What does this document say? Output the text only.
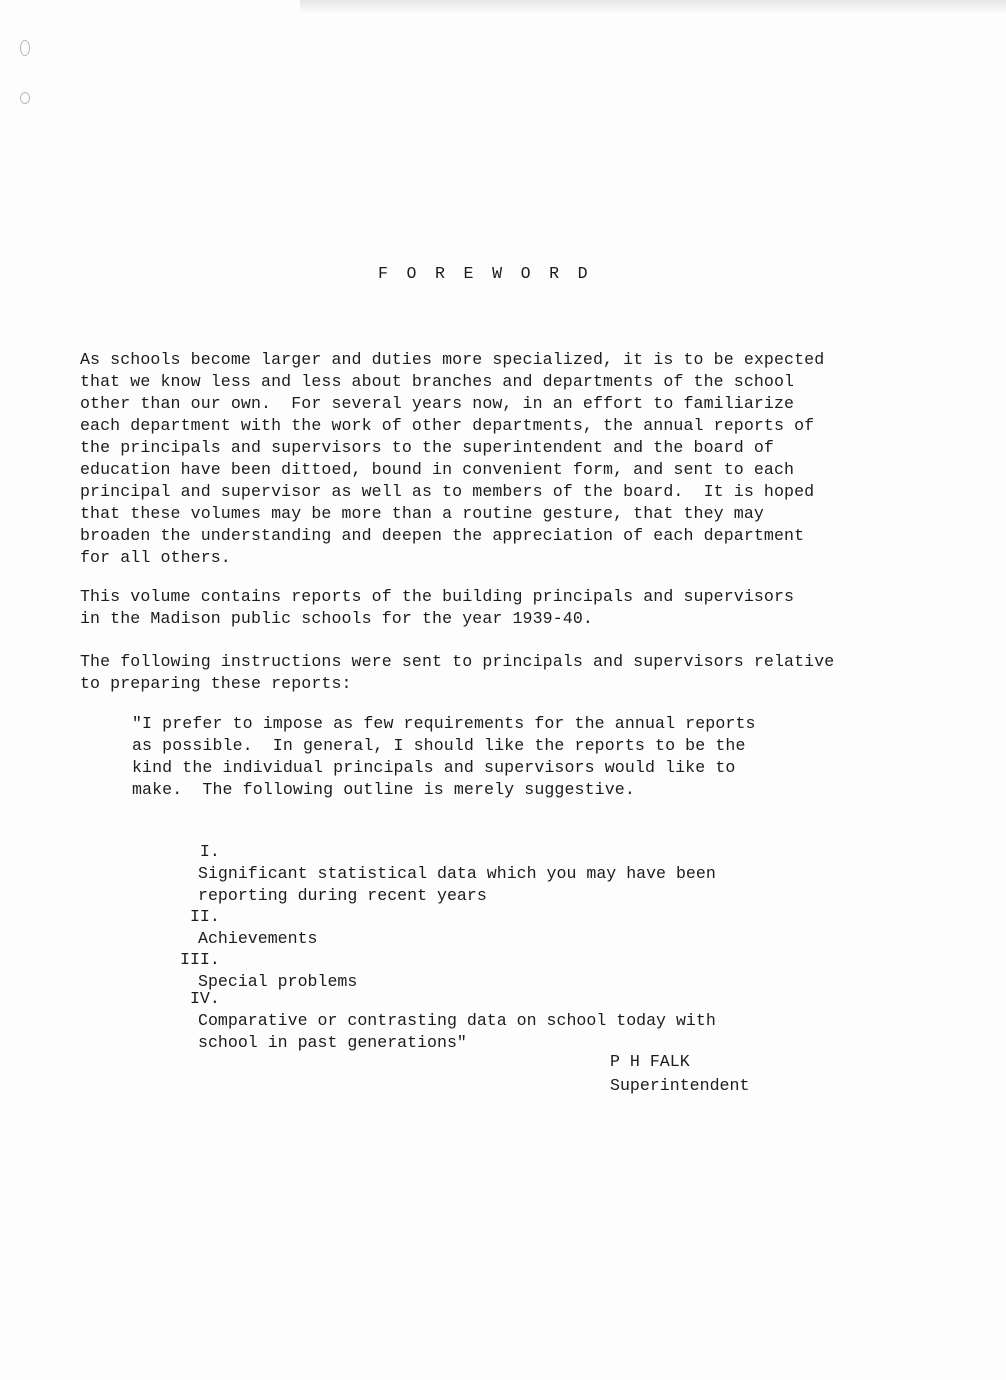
F O R E W O R D
As schools become larger and duties more specialized, it is to be expected
that we know less and less about branches and departments of the school
other than our own.  For several years now, in an effort to familiarize
each department with the work of other departments, the annual reports of
the principals and supervisors to the superintendent and the board of
education have been dittoed, bound in convenient form, and sent to each
principal and supervisor as well as to members of the board.  It is hoped
that these volumes may be more than a routine gesture, that they may
broaden the understanding and deepen the appreciation of each department
for all others.
This volume contains reports of the building principals and supervisors
in the Madison public schools for the year 1939-40.
The following instructions were sent to principals and supervisors relative
to preparing these reports:
"I prefer to impose as few requirements for the annual reports
as possible.  In general, I should like the reports to be the
kind the individual principals and supervisors would like to
make.  The following outline is merely suggestive.

I.

Significant statistical data which you may have been
reporting during recent years

II.

Achievements

III.

Special problems

IV.

Comparative or contrasting data on school today with
school in past generations"

P H FALK
Superintendent
